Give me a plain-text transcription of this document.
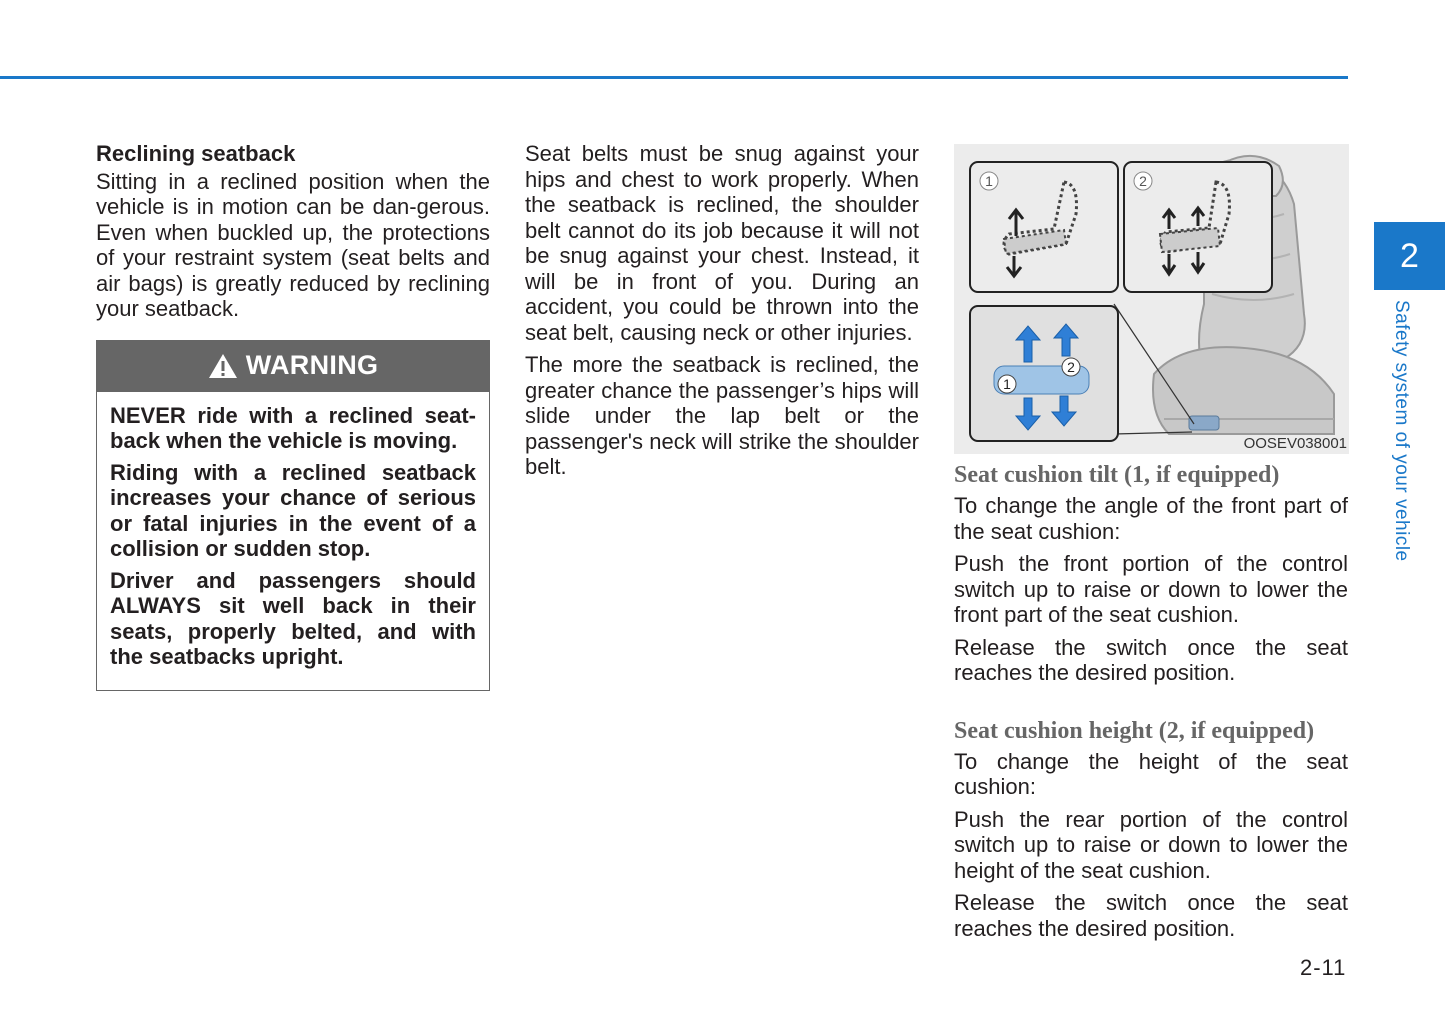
2
Safety system of your vehicle
Reclining seatback

Sitting in a reclined position when the vehicle is in motion can be dan-gerous. Even when buckled up, the protections of your restraint system (seat belts and air bags) is greatly reduced by reclining your seatback.

WARNING

NEVER ride with a reclined seat-back when the vehicle is moving.

Riding with a reclined seatback increases your chance of serious or fatal injuries in the event of a collision or sudden stop.

Driver and passengers should ALWAYS sit well back in their seats, properly belted, and with the seatbacks upright.

Seat belts must be snug against your hips and chest to work properly. When the seatback is reclined, the shoulder belt cannot do its job because it will not be snug against your chest. Instead, it will be in front of you. During an accident, you could be thrown into the seat belt, causing neck or other injuries.

The more the seatback is reclined, the greater chance the passenger’s hips will slide under the lap belt or the passenger's neck will strike the shoulder belt.

1	2
1
2
OOSEV038001
Seat cushion tilt (1, if equipped)

To change the angle of the front part of the seat cushion:

Push the front portion of the control switch up to raise or down to lower the front part of the seat cushion.

Release the switch once the seat reaches the desired position.

Seat cushion height (2, if equipped)

To change the height of the seat cushion:

Push the rear portion of the control switch up to raise or down to lower the height of the seat cushion.

Release the switch once the seat reaches the desired position.

2-11
